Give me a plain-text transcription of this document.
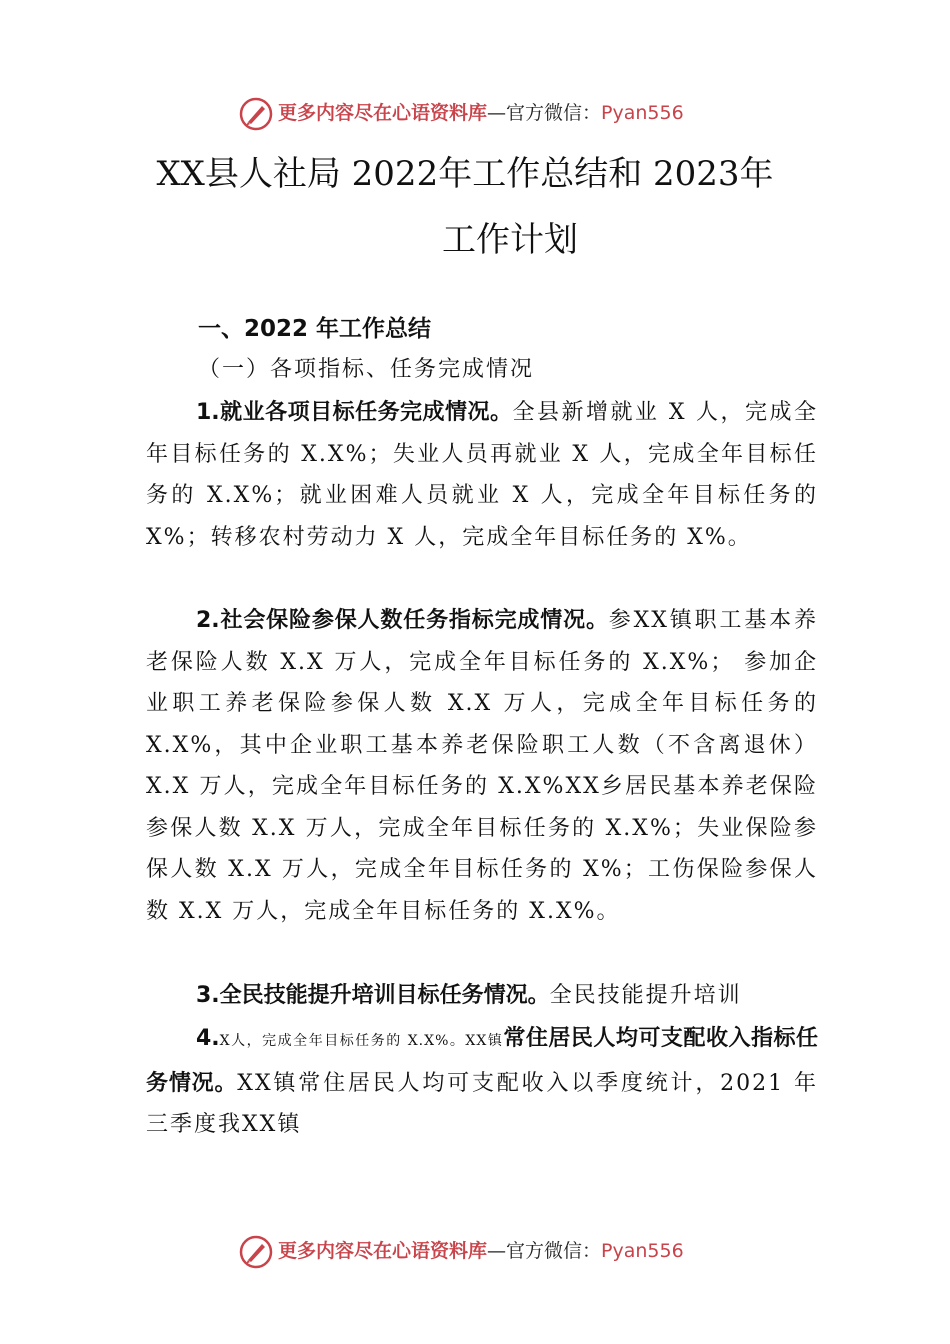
更多内容尽在心语资料库—官方微信：Pyan556
XX县人社局 2022年工作总结和 2023年
工作计划
一、2022 年工作总结
（一）各项指标、任务完成情况
1.就业各项目标任务完成情况。全县新增就业 X 人，完成全年目标任务的 X.X%；失业人员再就业 X 人，完成全年目标任务的 X.X%；就业困难人员就业 X 人，完成全年目标任务的 X%；转移农村劳动力 X 人，完成全年目标任务的 X%。
2.社会保险参保人数任务指标完成情况。参XX镇职工基本养老保险人数 X.X 万人，完成全年目标任务的 X.X%； 参加企业职工养老保险参保人数 X.X 万人，完成全年目标任务的 X.X%，其中企业职工基本养老保险职工人数（不含离退休）X.X 万人，完成全年目标任务的 X.X%XX乡居民基本养老保险参保人数 X.X 万人，完成全年目标任务的 X.X%；失业保险参保人数 X.X 万人，完成全年目标任务的 X%；工伤保险参保人数 X.X 万人，完成全年目标任务的 X.X%。
3.全民技能提升培训目标任务情况。全民技能提升培训
4.X人，完成全年目标任务的 X.X%。XX镇常住居民人均可支配收入指标任务情况。XX镇常住居民人均可支配收入以季度统计，2021 年三季度我XX镇
更多内容尽在心语资料库—官方微信：Pyan556
